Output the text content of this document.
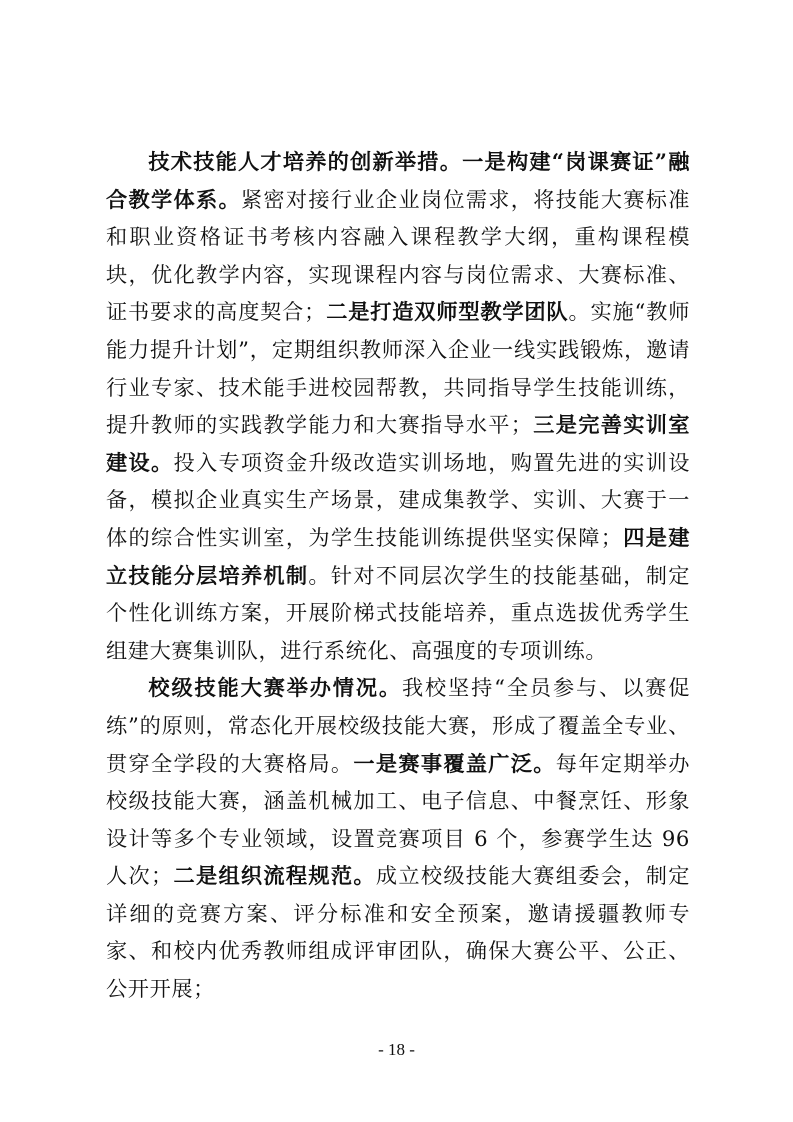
技术技能人才培养的创新举措。一是构建“岗课赛证”融合教学体系。紧密对接行业企业岗位需求，将技能大赛标准和职业资格证书考核内容融入课程教学大纲，重构课程模块，优化教学内容，实现课程内容与岗位需求、大赛标准、证书要求的高度契合；二是打造双师型教学团队。实施“教师能力提升计划”，定期组织教师深入企业一线实践锻炼，邀请行业专家、技术能手进校园帮教，共同指导学生技能训练，提升教师的实践教学能力和大赛指导水平；三是完善实训室建设。投入专项资金升级改造实训场地，购置先进的实训设备，模拟企业真实生产场景，建成集教学、实训、大赛于一体的综合性实训室，为学生技能训练提供坚实保障；四是建立技能分层培养机制。针对不同层次学生的技能基础，制定个性化训练方案，开展阶梯式技能培养，重点选拔优秀学生组建大赛集训队，进行系统化、高强度的专项训练。

校级技能大赛举办情况。我校坚持“全员参与、以赛促练”的原则，常态化开展校级技能大赛，形成了覆盖全专业、贯穿全学段的大赛格局。一是赛事覆盖广泛。每年定期举办校级技能大赛，涵盖机械加工、电子信息、中餐烹饪、形象设计等多个专业领域，设置竞赛项目 6 个，参赛学生达 96 人次；二是组织流程规范。成立校级技能大赛组委会，制定详细的竞赛方案、评分标准和安全预案，邀请援疆教师专家、和校内优秀教师组成评审团队，确保大赛公平、公正、公开开展；

- 18 -
